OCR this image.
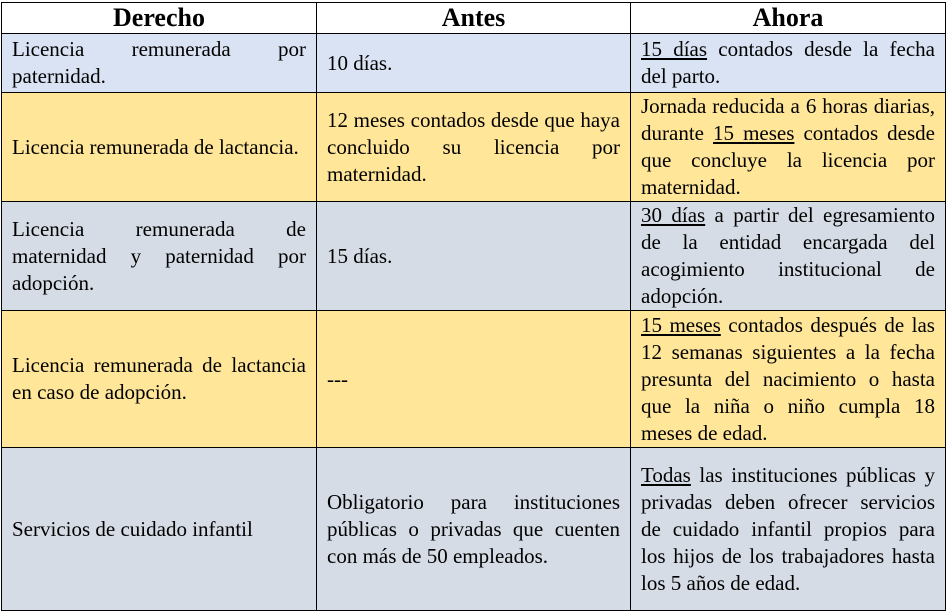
Derecho	Antes	Ahora

Licencia remunerada por paternidad.	10 días.	15 días contados desde la fecha del parto.

Licencia remunerada de lactancia.	12 meses contados desde que haya concluido su licencia por maternidad.	Jornada reducida a 6 horas diarias, durante 15 meses contados desde que concluye la licencia por maternidad.

Licencia remunerada de maternidad y paternidad por adopción.	15 días.	30 días a partir del egresamiento de la entidad encargada del acogimiento institucional de adopción.

Licencia remunerada de lactancia en caso de adopción.	---	15 meses contados después de las 12 semanas siguientes a la fecha presunta del nacimiento o hasta que la niña o niño cumpla 18 meses de edad.

Servicios de cuidado infantil	Obligatorio para instituciones públicas o privadas que cuenten con más de 50 empleados.	Todas las instituciones públicas y privadas deben ofrecer servicios de cuidado infantil propios para los hijos de los trabajadores hasta los 5 años de edad.
